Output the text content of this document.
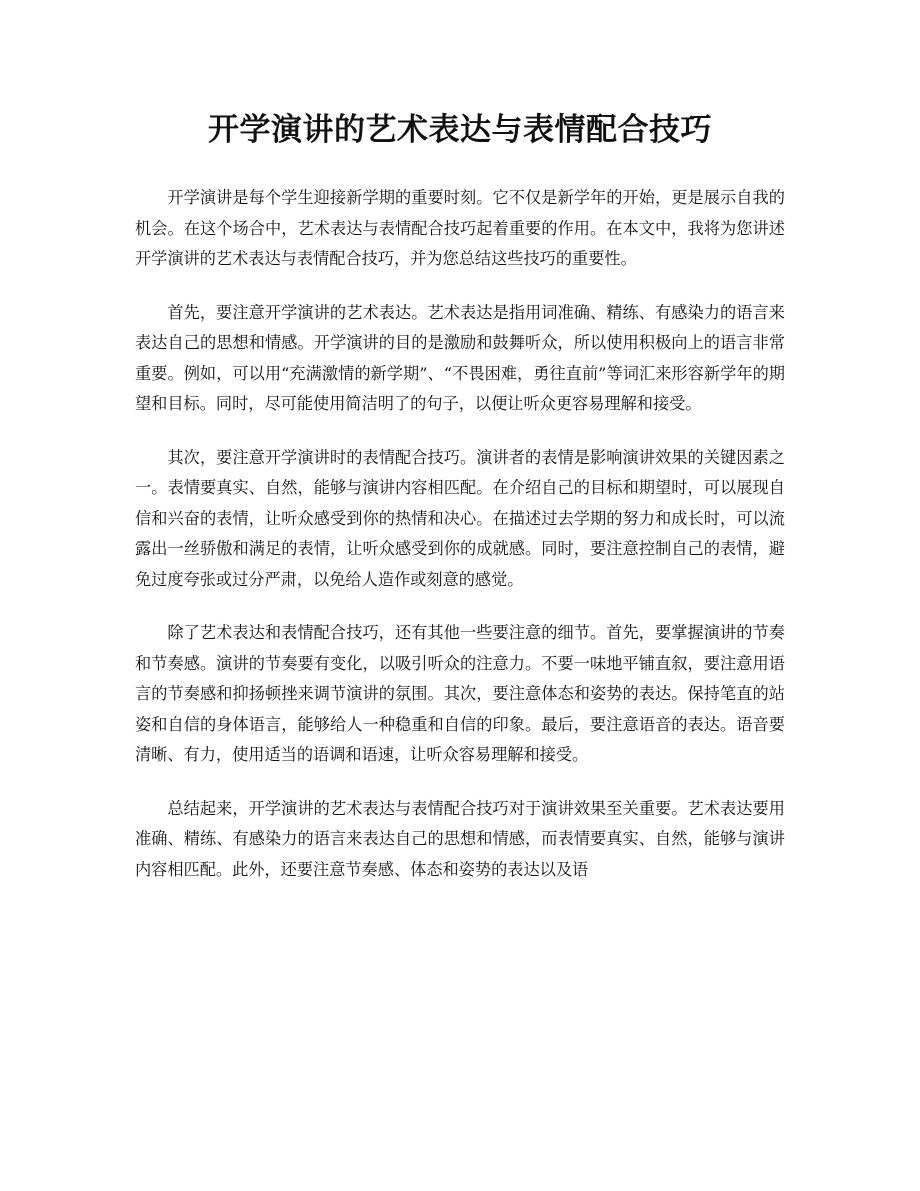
开学演讲的艺术表达与表情配合技巧

开学演讲是每个学生迎接新学期的重要时刻。它不仅是新学年的开始，更是展示自我的机会。在这个场合中，艺术表达与表情配合技巧起着重要的作用。在本文中，我将为您讲述开学演讲的艺术表达与表情配合技巧，并为您总结这些技巧的重要性。

首先，要注意开学演讲的艺术表达。艺术表达是指用词准确、精练、有感染力的语言来表达自己的思想和情感。开学演讲的目的是激励和鼓舞听众，所以使用积极向上的语言非常重要。例如，可以用“充满激情的新学期”、“不畏困难，勇往直前”等词汇来形容新学年的期望和目标。同时，尽可能使用简洁明了的句子，以便让听众更容易理解和接受。

其次，要注意开学演讲时的表情配合技巧。演讲者的表情是影响演讲效果的关键因素之一。表情要真实、自然，能够与演讲内容相匹配。在介绍自己的目标和期望时，可以展现自信和兴奋的表情，让听众感受到你的热情和决心。在描述过去学期的努力和成长时，可以流露出一丝骄傲和满足的表情，让听众感受到你的成就感。同时，要注意控制自己的表情，避免过度夸张或过分严肃，以免给人造作或刻意的感觉。

除了艺术表达和表情配合技巧，还有其他一些要注意的细节。首先，要掌握演讲的节奏和节奏感。演讲的节奏要有变化，以吸引听众的注意力。不要一味地平铺直叙，要注意用语言的节奏感和抑扬顿挫来调节演讲的氛围。其次，要注意体态和姿势的表达。保持笔直的站姿和自信的身体语言，能够给人一种稳重和自信的印象。最后，要注意语音的表达。语音要清晰、有力，使用适当的语调和语速，让听众容易理解和接受。

总结起来，开学演讲的艺术表达与表情配合技巧对于演讲效果至关重要。艺术表达要用准确、精练、有感染力的语言来表达自己的思想和情感，而表情要真实、自然，能够与演讲内容相匹配。此外，还要注意节奏感、体态和姿势的表达以及语
